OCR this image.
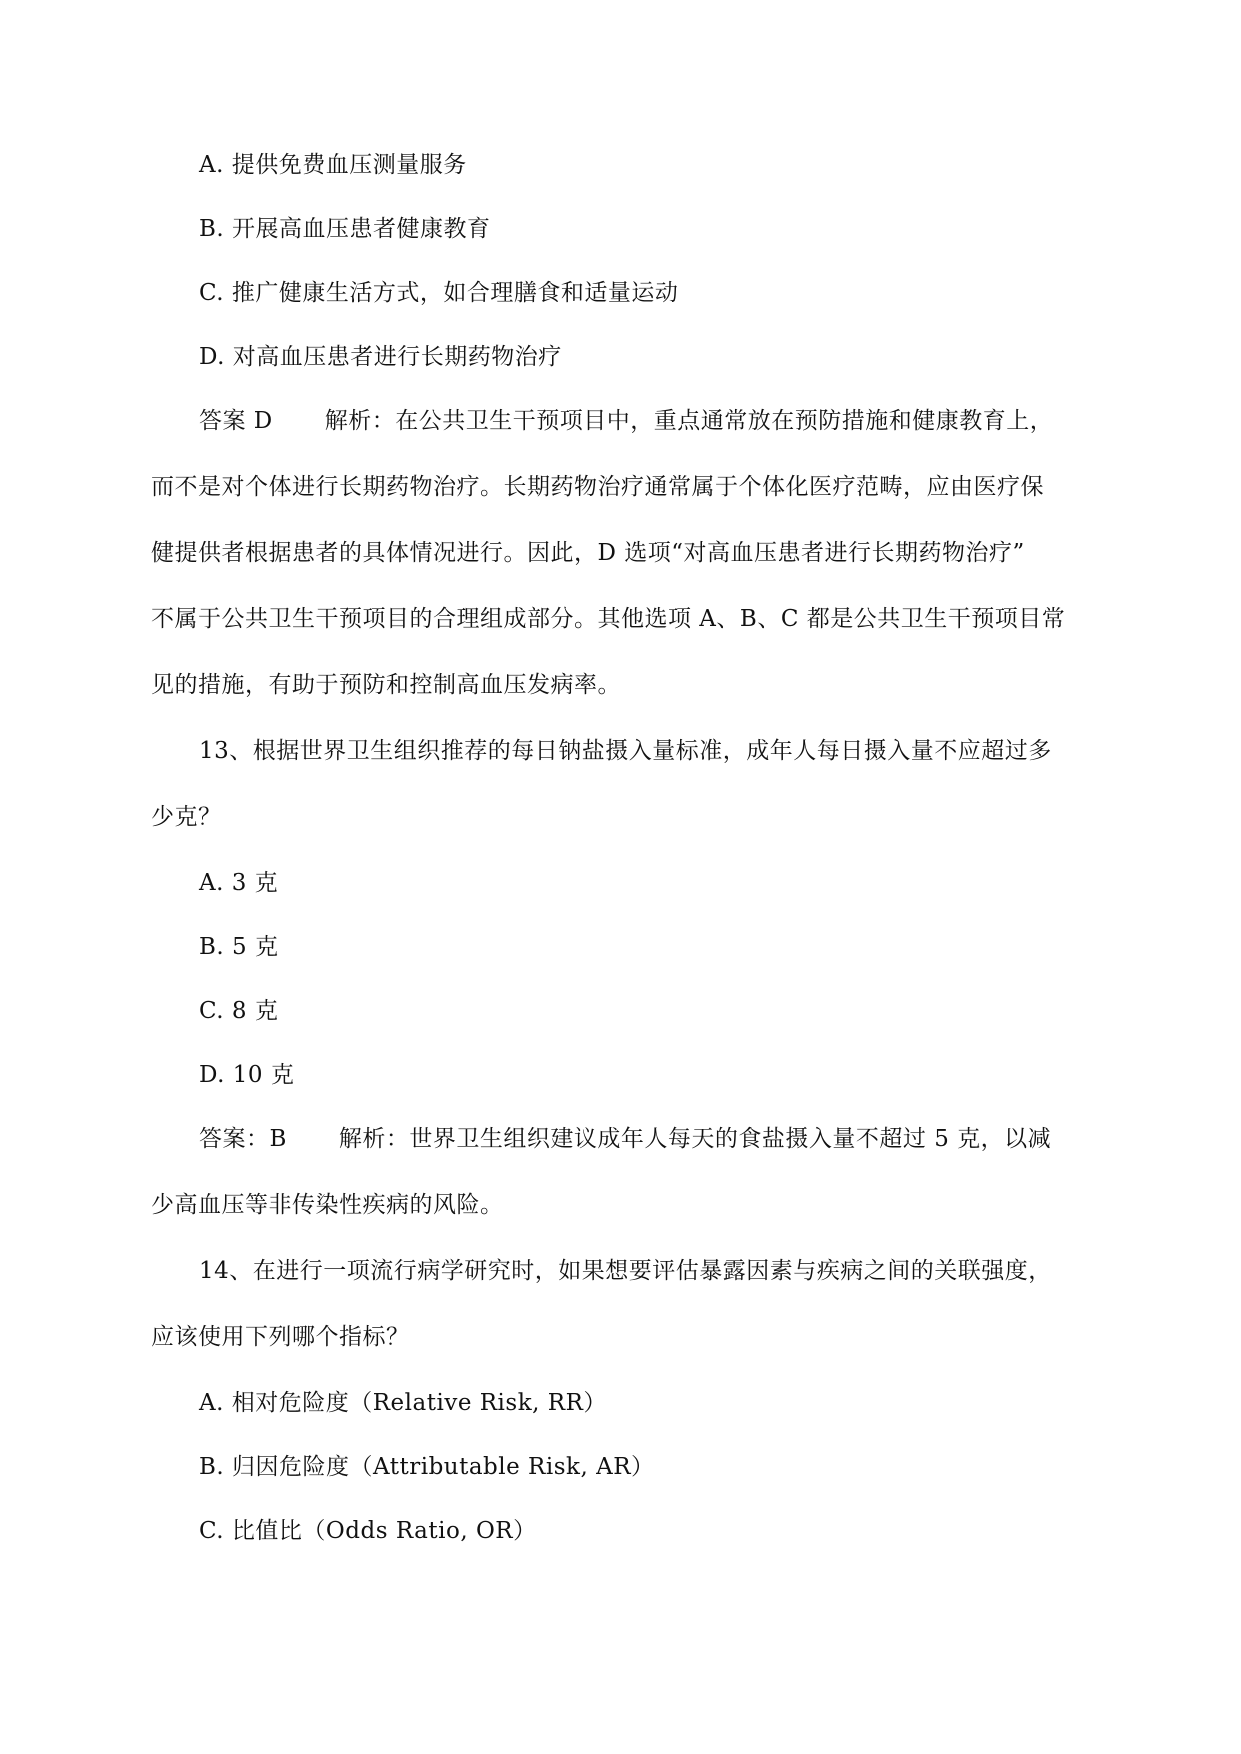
A. 提供免费血压测量服务
B. 开展高血压患者健康教育
C. 推广健康生活方式，如合理膳食和适量运动
D. 对高血压患者进行长期药物治疗
答案 D 解析：在公共卫生干预项目中，重点通常放在预防措施和健康教育上，
而不是对个体进行长期药物治疗。长期药物治疗通常属于个体化医疗范畴，应由医疗保
健提供者根据患者的具体情况进行。因此，D 选项“对高血压患者进行长期药物治疗”
不属于公共卫生干预项目的合理组成部分。其他选项 A、B、C 都是公共卫生干预项目常
见的措施，有助于预防和控制高血压发病率。
13、根据世界卫生组织推荐的每日钠盐摄入量标准，成年人每日摄入量不应超过多
少克？
A. 3 克
B. 5 克
C. 8 克
D. 10 克
答案：B 解析：世界卫生组织建议成年人每天的食盐摄入量不超过 5 克，以减
少高血压等非传染性疾病的风险。
14、在进行一项流行病学研究时，如果想要评估暴露因素与疾病之间的关联强度，
应该使用下列哪个指标？
A. 相对危险度（Relative Risk, RR）
B. 归因危险度（Attributable Risk, AR）
C. 比值比（Odds Ratio, OR）
